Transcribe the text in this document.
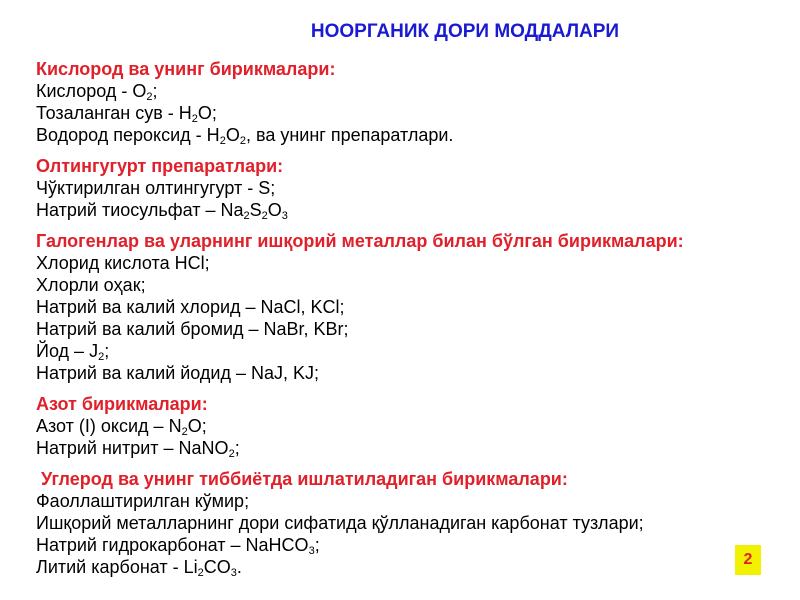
НООРГАНИК ДОРИ МОДДАЛАРИ
Кислород ва унинг бирикмалари:
Кислород - $О_2$;
Тозаланган сув - $Н_2О$;
Водород пероксид - $Н_2О_2$, ва унинг препаратлари.
Олтингугурт препаратлари:
Чўктирилган олтингугурт - S;
Натрий тиосульфат – $Na_2S_2O_3$
Галогенлар ва уларнинг ишқорий металлар билан бўлган бирикмалари:
Хлорид кислота НCl;
Хлорли оҳак;
Натрий ва калий хлорид – NaCl, KCl;
Натрий ва калий бромид – NaBr, KBr;
Йод – $J_2$;
Натрий ва калий йодид – NaJ, KJ;
Азот бирикмалари:
Азот (I) оксид – $N_2O$;
Натрий нитрит – NaNO$_2$;
Углерод ва унинг тиббиётда ишлатиладиган бирикмалари:
Фаоллаштирилган кўмир;
Ишқорий металларнинг дори сифатида қўлланадиган карбонат тузлари;
Натрий гидрокарбонат – NaHCO$_3$;
Литий карбонат - $Li_2CO_3$.	2
